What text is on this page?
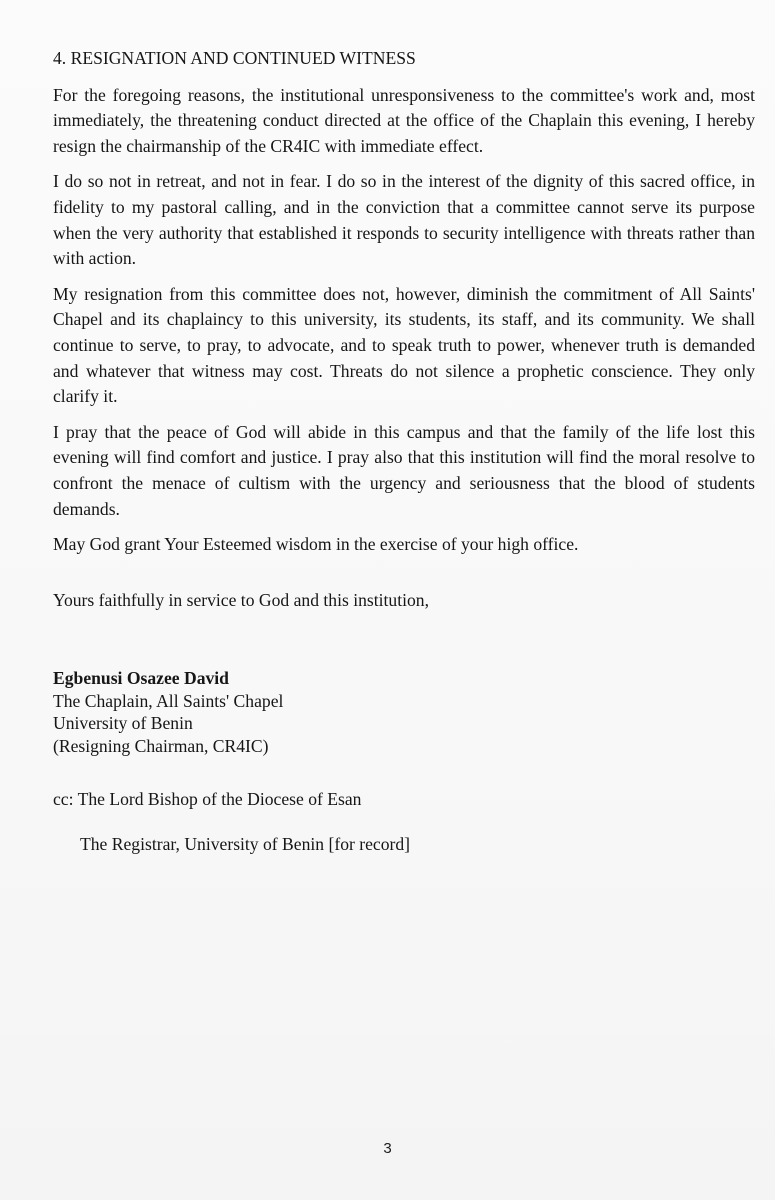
4. RESIGNATION AND CONTINUED WITNESS

For the foregoing reasons, the institutional unresponsiveness to the committee's work and, most immediately, the threatening conduct directed at the office of the Chaplain this evening, I hereby resign the chairmanship of the CR4IC with immediate effect.

I do so not in retreat, and not in fear. I do so in the interest of the dignity of this sacred office, in fidelity to my pastoral calling, and in the conviction that a committee cannot serve its purpose when the very authority that established it responds to security intelligence with threats rather than with action.

My resignation from this committee does not, however, diminish the commitment of All Saints' Chapel and its chaplaincy to this university, its students, its staff, and its community. We shall continue to serve, to pray, to advocate, and to speak truth to power, whenever truth is demanded and whatever that witness may cost. Threats do not silence a prophetic conscience. They only clarify it.

I pray that the peace of God will abide in this campus and that the family of the life lost this evening will find comfort and justice. I pray also that this institution will find the moral resolve to confront the menace of cultism with the urgency and seriousness that the blood of students demands.

May God grant Your Esteemed wisdom in the exercise of your high office.

Yours faithfully in service to God and this institution,

Egbenusi Osazee David
The Chaplain, All Saints' Chapel
University of Benin
(Resigning Chairman, CR4IC)
cc: The Lord Bishop of the Diocese of Esan
The Registrar, University of Benin [for record]
3
